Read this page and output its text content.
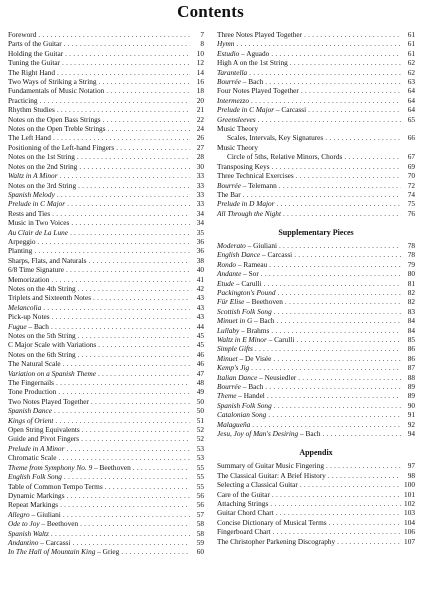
Contents
Foreword . . .	7
Parts of the Guitar . . .	8
Holding the Guitar . . .	10
Tuning the Guitar . . .	12
The Right Hand . . .	14
Two Ways of Striking a String . . .	16
Fundamentals of Music Notation . . .	18
Practicing . . .	20
Rhythm Studies . . .	21
Notes on the Open Bass Strings . . .	22
Notes on the Open Treble Strings . . .	24
The Left Hand . . .	26
Positioning of the Left-hand Fingers . . .	27
Notes on the 1st String . . .	28
Notes on the 2nd String . . .	30
Waltz in A Minor . . .	33
Notes on the 3rd String . . .	33
Spanish Melody . . .	33
Prelude in C Major . . .	33
Rests and Ties . . .	34
Music in Two Voices . . .	34
Au Clair de La Lune . . .	35
Arpeggio . . .	36
Planting . . .	36
Sharps, Flats, and Naturals . . .	38
6/8 Time Signature . . .	40
Memorization . . .	41
Notes on the 4th String . . .	42
Triplets and Sixteenth Notes . . .	43
Melancolia . . .	43
Pick-up Notes . . .	43
Fugue – Bach . . .	44
Notes on the 5th String . . .	45
C Major Scale with Variations . . .	45
Notes on the 6th String . . .	46
The Natural Scale . . .	46
Variation on a Spanish Theme . . .	47
The Fingernails . . .	48
Tone Production . . .	49
Two Notes Played Together . . .	50
Spanish Dance . . .	50
Kings of Orient . . .	51
Open String Equivalents . . .	52
Guide and Pivot Fingers . . .	52
Prelude in A Minor . . .	53
Chromatic Scale . . .	53
Theme from Symphony No. 9 – Beethoven . . .	55
English Folk Song . . .	55
Table of Common Tempo Terms . . .	55
Dynamic Markings . . .	56
Repeat Markings . . .	56
Allegro – Giuliani . . .	57
Ode to Joy – Beethoven . . .	58
Spanish Waltz . . .	58
Andantino – Carcassi . . .	59
In The Hall of Mountain King – Grieg . . .	60
Three Notes Played Together . . .	61
Hymn . . .	61
Estudio – Aguado . . .	61
High A on the 1st String . . .	62
Tarantella . . .	62
Bourrée – Bach . . .	63
Four Notes Played Together . . .	64
Intermezzo . . .	64
Prelude in C Major – Carcassi . . .	64
Greensleeves . . .	65
Music Theory
Scales, Intervals, Key Signatures . . .	66
Music Theory
Circle of 5ths, Relative Minors, Chords . . .	67
Transposing Keys . . .	69
Three Technical Exercises . . .	70
Bourrée – Telemann . . .	72
The Bar . . .	74
Prelude in D Major . . .	75
All Through the Night . . .	76
Supplementary Pieces
Moderato – Giuliani . . .	78
English Dance – Carcassi . . .	78
Rondo – Rameau . . .	79
Andante – Sor . . .	80
Etude – Carulli . . .	81
Packington's Pound . . .	82
Für Elise – Beethoven . . .	82
Scottish Folk Song . . .	83
Minuet in G – Bach . . .	84
Lullaby – Brahms . . .	84
Waltz in E Minor – Carulli . . .	85
Simple Gifts . . .	86
Minuet – De Visée . . .	86
Kemp's Jig . . .	87
Italian Dance – Neusiedler . . .	88
Bourrée – Bach . . .	89
Theme – Handel . . .	89
Spanish Folk Song . . .	90
Catalonian Song . . .	91
Malagueña . . .	92
Jesu, Joy of Man's Desiring – Bach . . .	94
Appendix
Summary of Guitar Music Fingering . . .	97
The Classical Guitar: A Brief History . . .	98
Selecting a Classical Guitar . . .	100
Care of the Guitar . . .	101
Attaching Strings . . .	102
Guitar Chord Chart . . .	103
Concise Dictionary of Musical Terms . . .	104
Fingerboard Chart . . .	106
The Christopher Parkening Discography . . .	107
